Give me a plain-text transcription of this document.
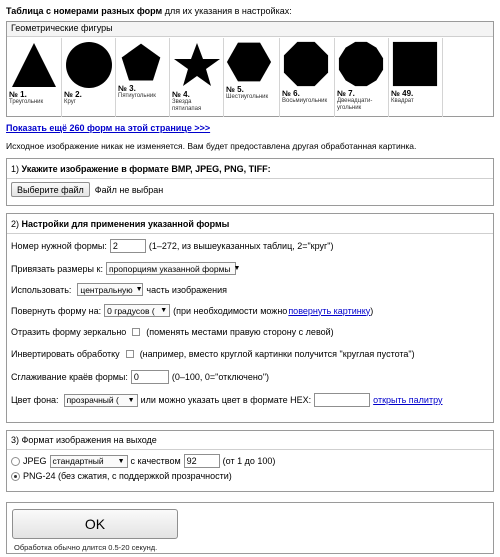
Таблица с номерами разных форм для их указания в настройках:
Геометрические фигуры
№ 1.
Треугольник
№ 2.
Круг
№ 3.
Пятиугольник № 4.
Звезда пятилапая
№ 5.
Шестиугольник № 6.
Восьмиугольник
№ 7.
Двенадцати-угольник
№ 49.
Квадрат
Показать ещё 260 форм на этой странице >>>
Исходное изображение никак не изменяется. Вам будет предоставлена другая обработанная картинка.
1) Укажите изображение в формате BMP, JPEG, PNG, TIFF:
Выберите файл	Файл не выбран
2) Настройки для применения указанной формы
Номер нужной формы: 2	(1–272, из вышеуказанных таблиц, 2="круг")
Привязать размеры к: пропорциям указанной формы ▼
Использовать: центральную ▼ часть изображения
Повернуть форму на: 0 градусов ( ▼ (при необходимости можно повернуть картинку )
Отразить форму зеркально (поменять местами правую сторону с левой)
Инвертировать обработку (например, вместо круглой картинки получится "круглая пустота")
Сглаживание краёв формы: 0	(0–100, 0="отключено")
Цвет фона: прозрачный ( ▼ или можно указать цвет в формате HEX:	открыть палитру
3) Формат изображения на выходе
JPEG стандартный ▼ с качеством 92	(от 1 до 100)
PNG-24 (без сжатия, с поддержкой прозрачности)
OK
Обработка обычно длится 0.5-20 секунд.
